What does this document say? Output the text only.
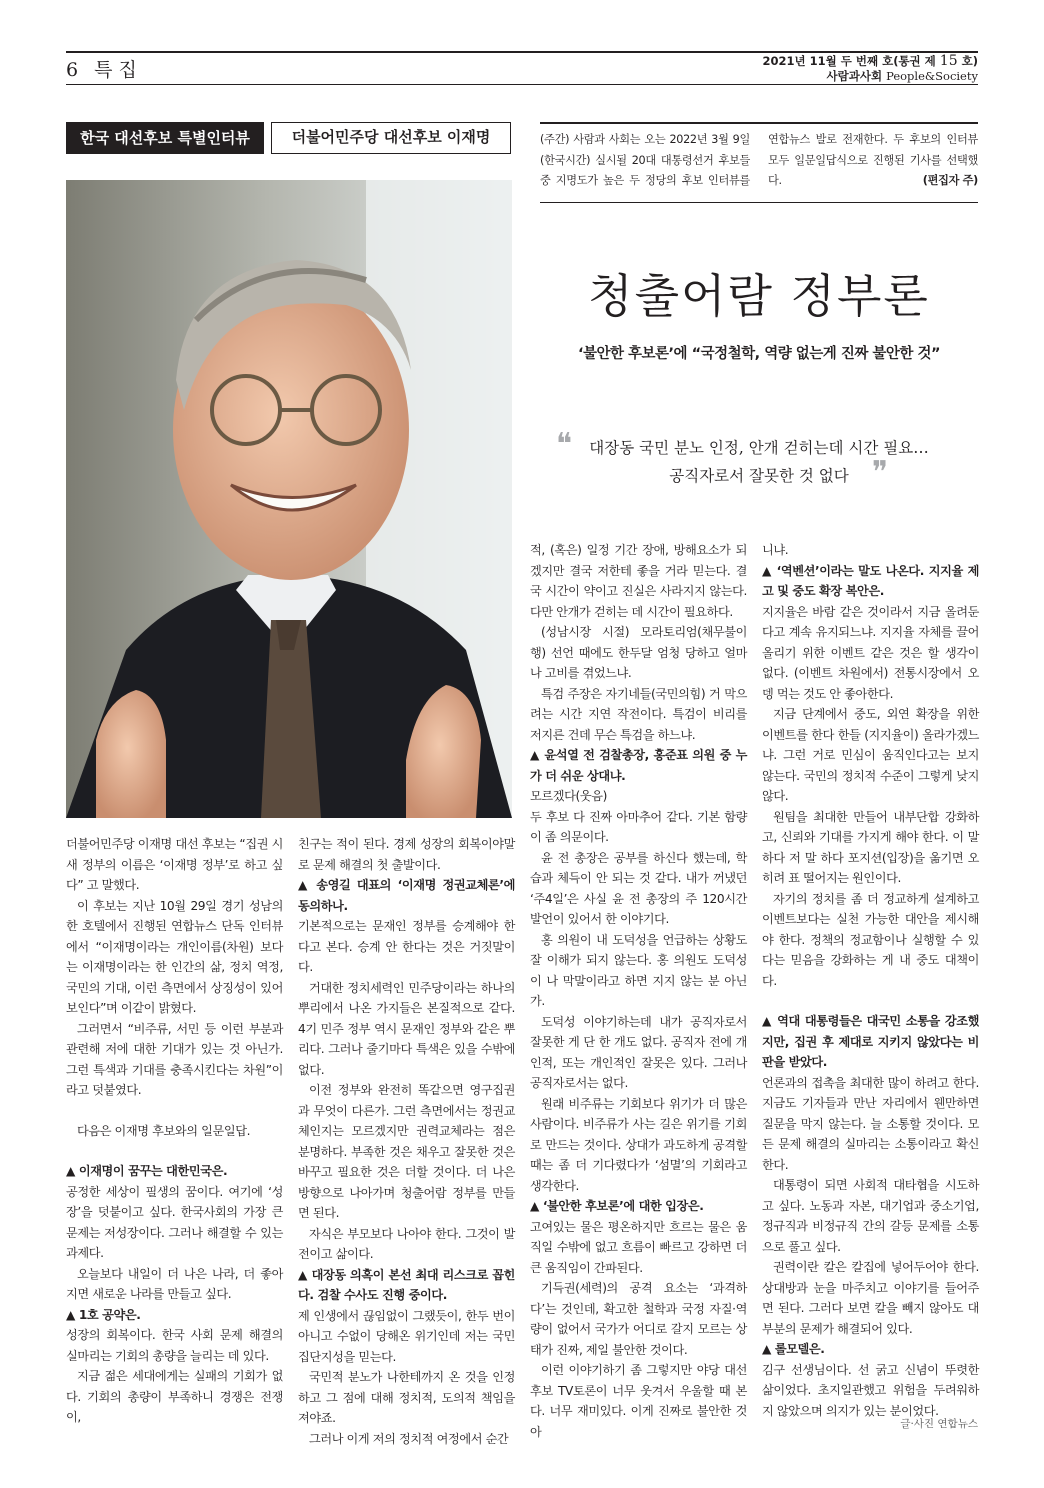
6 특 집	2021년 11월 두 번째 호(통권 제 15 호)
사람과사회 People&Society
한국 대선후보 특별인터뷰	더불어민주당 대선후보 이재명	(주간) 사람과 사회는 오는 2022년 3월 9일(한국시간) 실시될 20대 대통령선거 후보들 중 지명도가 높은 두 정당의 후보 인터뷰를 연합뉴스 발로 전재한다. 두 후보의 인터뷰 모두 일문일답식으로 진행된 기사를 선택했다.	(편집자 주)
청출어람 정부론
‘불안한 후보론’에 “국정철학, 역량 없는게 진짜 불안한 것”
❝	대장동 국민 분노 인정, 안개 걷히는데 시간 필요…
공직자로서 잘못한 것 없다 ❞

더불어민주당 이재명 대선 후보는 “집권 시 새 정부의 이름은 ‘이재명 정부’로 하고 싶다” 고 말했다.

이 후보는 지난 10월 29일 경기 성남의 한 호텔에서 진행된 연합뉴스 단독 인터뷰에서 “이재명이라는 개인이름(차원) 보다는 이재명이라는 한 인간의 삶, 정치 역정, 국민의 기대, 이런 측면에서 상징성이 있어 보인다”며 이같이 밝혔다.

그러면서 “비주류, 서민 등 이런 부분과 관련해 저에 대한 기대가 있는 것 아닌가. 그런 특색과 기대를 충족시킨다는 차원”이라고 덧붙였다.

다음은 이재명 후보와의 일문일답.

▲ 이재명이 꿈꾸는 대한민국은.

공정한 세상이 필생의 꿈이다. 여기에 ‘성장’을 덧붙이고 싶다. 한국사회의 가장 큰 문제는 저성장이다. 그러나 해결할 수 있는 과제다.

오늘보다 내일이 더 나은 나라, 더 좋아지면 새로운 나라를 만들고 싶다.

▲ 1호 공약은.

성장의 회복이다. 한국 사회 문제 해결의 실마리는 기회의 총량을 늘리는 데 있다.

지금 젊은 세대에게는 실패의 기회가 없다. 기회의 총량이 부족하니 경쟁은 전쟁이,

친구는 적이 된다. 경제 성장의 회복이야말로 문제 해결의 첫 출발이다.

▲ 송영길 대표의 ‘이재명 정권교체론’에 동의하나.

기본적으로는 문재인 정부를 승계해야 한다고 본다. 승계 안 한다는 것은 거짓말이다.

거대한 정치세력인 민주당이라는 하나의 뿌리에서 나온 가지들은 본질적으로 같다. 4기 민주 정부 역시 문재인 정부와 같은 뿌리다. 그러나 줄기마다 특색은 있을 수밖에 없다.

이전 정부와 완전히 똑같으면 영구집권과 무엇이 다른가. 그런 측면에서는 정권교체인지는 모르겠지만 권력교체라는 점은 분명하다. 부족한 것은 채우고 잘못한 것은 바꾸고 필요한 것은 더할 것이다. 더 나은 방향으로 나아가며 청출어람 정부를 만들면 된다.

자식은 부모보다 나아야 한다. 그것이 발전이고 삶이다.

▲ 대장동 의혹이 본선 최대 리스크로 꼽힌다. 검찰 수사도 진행 중이다.

제 인생에서 끊임없이 그랬듯이, 한두 번이 아니고 수없이 당해온 위기인데 저는 국민 집단지성을 믿는다.

국민적 분노가 나한테까지 온 것을 인정하고 그 점에 대해 정치적, 도의적 책임을 져야죠.

그러나 이게 저의 정치적 여정에서 순간

적, (혹은) 일정 기간 장애, 방해요소가 되겠지만 결국 저한테 좋을 거라 믿는다. 결국 시간이 약이고 진실은 사라지지 않는다. 다만 안개가 걷히는 데 시간이 필요하다.

(성남시장 시절) 모라토리엄(채무불이행) 선언 때에도 한두달 엄청 당하고 얼마나 고비를 겪었느냐.

특검 주장은 자기네들(국민의힘) 거 막으려는 시간 지연 작전이다. 특검이 비리를 저지른 건데 무슨 특검을 하느냐.

▲ 윤석열 전 검찰총장, 홍준표 의원 중 누가 더 쉬운 상대냐.

모르겠다(웃음)

두 후보 다 진짜 아마추어 같다. 기본 함량이 좀 의문이다.

윤 전 총장은 공부를 하신다 했는데, 학습과 체득이 안 되는 것 같다. 내가 꺼냈던 ‘주4일’은 사실 윤 전 총장의 주 120시간 발언이 있어서 한 이야기다.

홍 의원이 내 도덕성을 언급하는 상황도 잘 이해가 되지 않는다. 홍 의원도 도덕성이 나 막말이라고 하면 지지 않는 분 아닌가.

도덕성 이야기하는데 내가 공직자로서 잘못한 게 단 한 개도 없다. 공직자 전에 개인적, 또는 개인적인 잘못은 있다. 그러나 공직자로서는 없다.

원래 비주류는 기회보다 위기가 더 많은 사람이다. 비주류가 사는 길은 위기를 기회로 만드는 것이다. 상대가 과도하게 공격할 때는 좀 더 기다렸다가 ‘섬멸’의 기회라고 생각한다.

▲ ‘불안한 후보론’에 대한 입장은.

고여있는 물은 평온하지만 흐르는 물은 움직일 수밖에 없고 흐름이 빠르고 강하면 더 큰 움직임이 간파된다.

기득권(세력)의 공격 요소는 ‘과격하다’는 것인데, 확고한 철학과 국정 자질·역량이 없어서 국가가 어디로 갈지 모르는 상태가 진짜, 제일 불안한 것이다.

이런 이야기하기 좀 그렇지만 야당 대선후보 TV토론이 너무 웃겨서 우울할 때 본다. 너무 재미있다. 이게 진짜로 불안한 것 아

니냐.

▲ ‘역벤션’이라는 말도 나온다. 지지율 제고 및 중도 확장 복안은.

지지율은 바람 같은 것이라서 지금 올려둔다고 계속 유지되느냐. 지지율 자체를 끌어올리기 위한 이벤트 같은 것은 할 생각이 없다. (이벤트 차원에서) 전통시장에서 오뎅 먹는 것도 안 좋아한다.

지금 단계에서 중도, 외연 확장을 위한 이벤트를 한다 한들 (지지율이) 올라가겠느냐. 그런 거로 민심이 움직인다고는 보지 않는다. 국민의 정치적 수준이 그렇게 낮지 않다.

원팀을 최대한 만들어 내부단합 강화하고, 신뢰와 기대를 가지게 해야 한다. 이 말 하다 저 말 하다 포지션(입장)을 옮기면 오히려 표 떨어지는 원인이다.

자기의 정치를 좀 더 정교하게 설계하고 이벤트보다는 실천 가능한 대안을 제시해야 한다. 정책의 정교함이나 실행할 수 있다는 믿음을 강화하는 게 내 중도 대책이다.

▲ 역대 대통령들은 대국민 소통을 강조했지만, 집권 후 제대로 지키지 않았다는 비판을 받았다.

언론과의 접촉을 최대한 많이 하려고 한다. 지금도 기자들과 만난 자리에서 웬만하면 질문을 막지 않는다. 늘 소통할 것이다. 모든 문제 해결의 실마리는 소통이라고 확신한다.

대통령이 되면 사회적 대타협을 시도하고 싶다. 노동과 자본, 대기업과 중소기업, 정규직과 비정규직 간의 갈등 문제를 소통으로 풀고 싶다.

권력이란 칼은 칼집에 넣어두어야 한다. 상대방과 눈을 마주치고 이야기를 들어주면 된다. 그러다 보면 칼을 빼지 않아도 대부분의 문제가 해결되어 있다.

▲ 롤모델은.

김구 선생님이다. 선 굵고 신념이 뚜렷한 삶이었다. 초지일관했고 위험을 두려워하지 않았으며 의지가 있는 분이었다.

글·사진 연합뉴스
